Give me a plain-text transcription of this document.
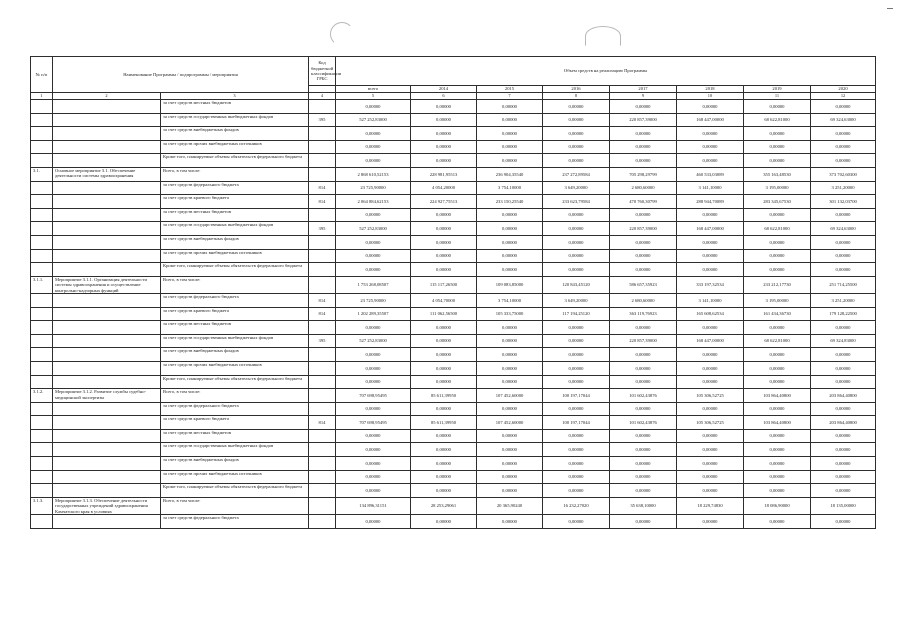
№ п/п	Наименование Программы / подпрограммы / мероприятия		Код бюджетной классификации ГРБС	Объем средств на реализацию Программы							
				всего	2014	2015	2016	2017	2018	2019	2020
1	2	3	4	5	6	7	8	9	10	11	12
		за счет средств местных бюджетов		0,00000	0,00000	0,00000	0,00000	0,00000	0,00000	0,00000	0,00000
		за счет средств государственных внебюджетных фондов	395	527 252,83000	0,00000	0,00000	0,00000	220 857,39000	168 447,00000	68 622,81000	69 324,63000
		за счет средств внебюджетных фондов		0,00000	0,00000	0,00000	0,00000	0,00000	0,00000	0,00000	0,00000
		за счет средств прочих внебюджетных источников		0,00000	0,00000	0,00000	0,00000	0,00000	0,00000	0,00000	0,00000
		Кроме того, планируемые объемы обязательств федерального бюджета		0,00000	0,00000	0,00000	0,00000	0,00000	0,00000	0,00000	0,00000
3.1.	Основное мероприятие 3.1. Обеспечение деятельности системы здравоохранения	Всего, в том числе:		2 868 610,52153	228 981,95513	236 904,35540	237 272,89584	705 298,29799	460 533,03089	355 163,48530	373 702,60300
		за счет средств федерального бюджета	814	23 725,90000	4 054,20000	3 754,10000	3 649,20000	2 680,60000	3 141,10000	3 195,00000	3 251,20000
		за счет средств краевого бюджета	814	2 064 884,62153	224 927,75513	233 150,25540	233 623,79584	470 760,30799	288 944,70089	283 345,67530	301 132,03700
		за счет средств местных бюджетов		0,00000	0,00000	0,00000	0,00000	0,00000	0,00000	0,00000	0,00000
		за счет средств государственных внебюджетных фондов	395	527 252,83000	0,00000	0,00000	0,00000	220 857,39000	168 447,00000	68 622,81000	69 324,63000
		за счет средств внебюджетных фондов		0,00000	0,00000	0,00000	0,00000	0,00000	0,00000	0,00000	0,00000
		за счет средств прочих внебюджетных источников		0,00000	0,00000	0,00000	0,00000	0,00000	0,00000	0,00000	0,00000
		Кроме того, планируемые объемы обязательств федерального бюджета		0,00000	0,00000	0,00000	0,00000	0,00000	0,00000	0,00000	0,00000
3.1.1.	Мероприятие 3.1.1. Организация деятельности системы здравоохранения и осуществление контрольно-надзорных функций	Всего, в том числе:		1 753 268,08507	115 117,26500	109 083,85000	120 843,45120	586 657,35923	333 197,32534	233 212,17730	251 714,25500
		за счет средств федерального бюджета	814	23 725,90000	4 054,70000	3 754,10000	3 649,20000	2 680,60000	3 141,10000	3 195,00000	3 251,20000
		за счет средств краевого бюджета	814	1 202 289,35507	111 062,56500	105 333,75000	117 194,25120	363 119,76923	165 608,62534	161 434,36730	179 128,22500
		за счет средств местных бюджетов		0,00000	0,00000	0,00000	0,00000	0,00000	0,00000	0,00000	0,00000
		за счет средств государственных внебюджетных фондов	395	527 252,83000	0,00000	0,00000	0,00000	220 857,39000	168 447,00000	68 622,81000	69 324,83000
		за счет средств внебюджетных фондов		0,00000	0,00000	0,00000	0,00000	0,00000	0,00000	0,00000	0,00000
		за счет средств прочих внебюджетных источников		0,00000	0,00000	0,00000	0,00000	0,00000	0,00000	0,00000	0,00000
		Кроме того, планируемые объемы обязательств федерального бюджета		0,00000	0,00000	0,00000	0,00000	0,00000	0,00000	0,00000	0,00000
3.1.2.	Мероприятие 3.1.2. Развитие службы судебно-медицинской экспертизы	Всего, в том числе:		707 698,95495	85 611,39950	107 452,60000	100 197,17044	101 602,43876	105 306,52725	103 864,40800	203 864,40800
		за счет средств федерального бюджета		0,00000	0,00000	0,00000	0,00000	0,00000	0,00000	0,00000	0,00000
		за счет средств краевого бюджета	814	707 698,95495	85 611,39950	107 452,60000	100 197,17044	101 602,43876	105 306,52725	103 864,40800	203 864,40800
		за счет средств местных бюджетов		0,00000	0,00000	0,00000	0,00000	0,00000	0,00000	0,00000	0,00000
		за счет средств государственных внебюджетных фондов		0,00000	0,00000	0,00000	0,00000	0,00000	0,00000	0,00000	0,00000
		за счет средств внебюджетных фондов		0,00000	0,00000	0,00000	0,00000	0,00000	0,00000	0,00000	0,00000
		за счет средств прочих внебюджетных источников		0,00000	0,00000	0,00000	0,00000	0,00000	0,00000	0,00000	0,00000
		Кроме того, планируемые объемы обязательств федерального бюджета		0,00000	0,00000	0,00000	0,00000	0,00000	0,00000	0,00000	0,00000
3.1.3.	Мероприятие 3.1.3. Обеспечение деятельности государственных учреждений здравоохранения Камчатского края в условиях	Всего, в том числе:		134 896,31151	28 253,29061	20 365,90240	16 232,27020	35 638,10000	18 229,74830	18 086,90000	18 135,00000
		за счет средств федерального бюджета		0,00000	0,00000	0,00000	0,00000	0,00000	0,00000	0,00000	0,00000
